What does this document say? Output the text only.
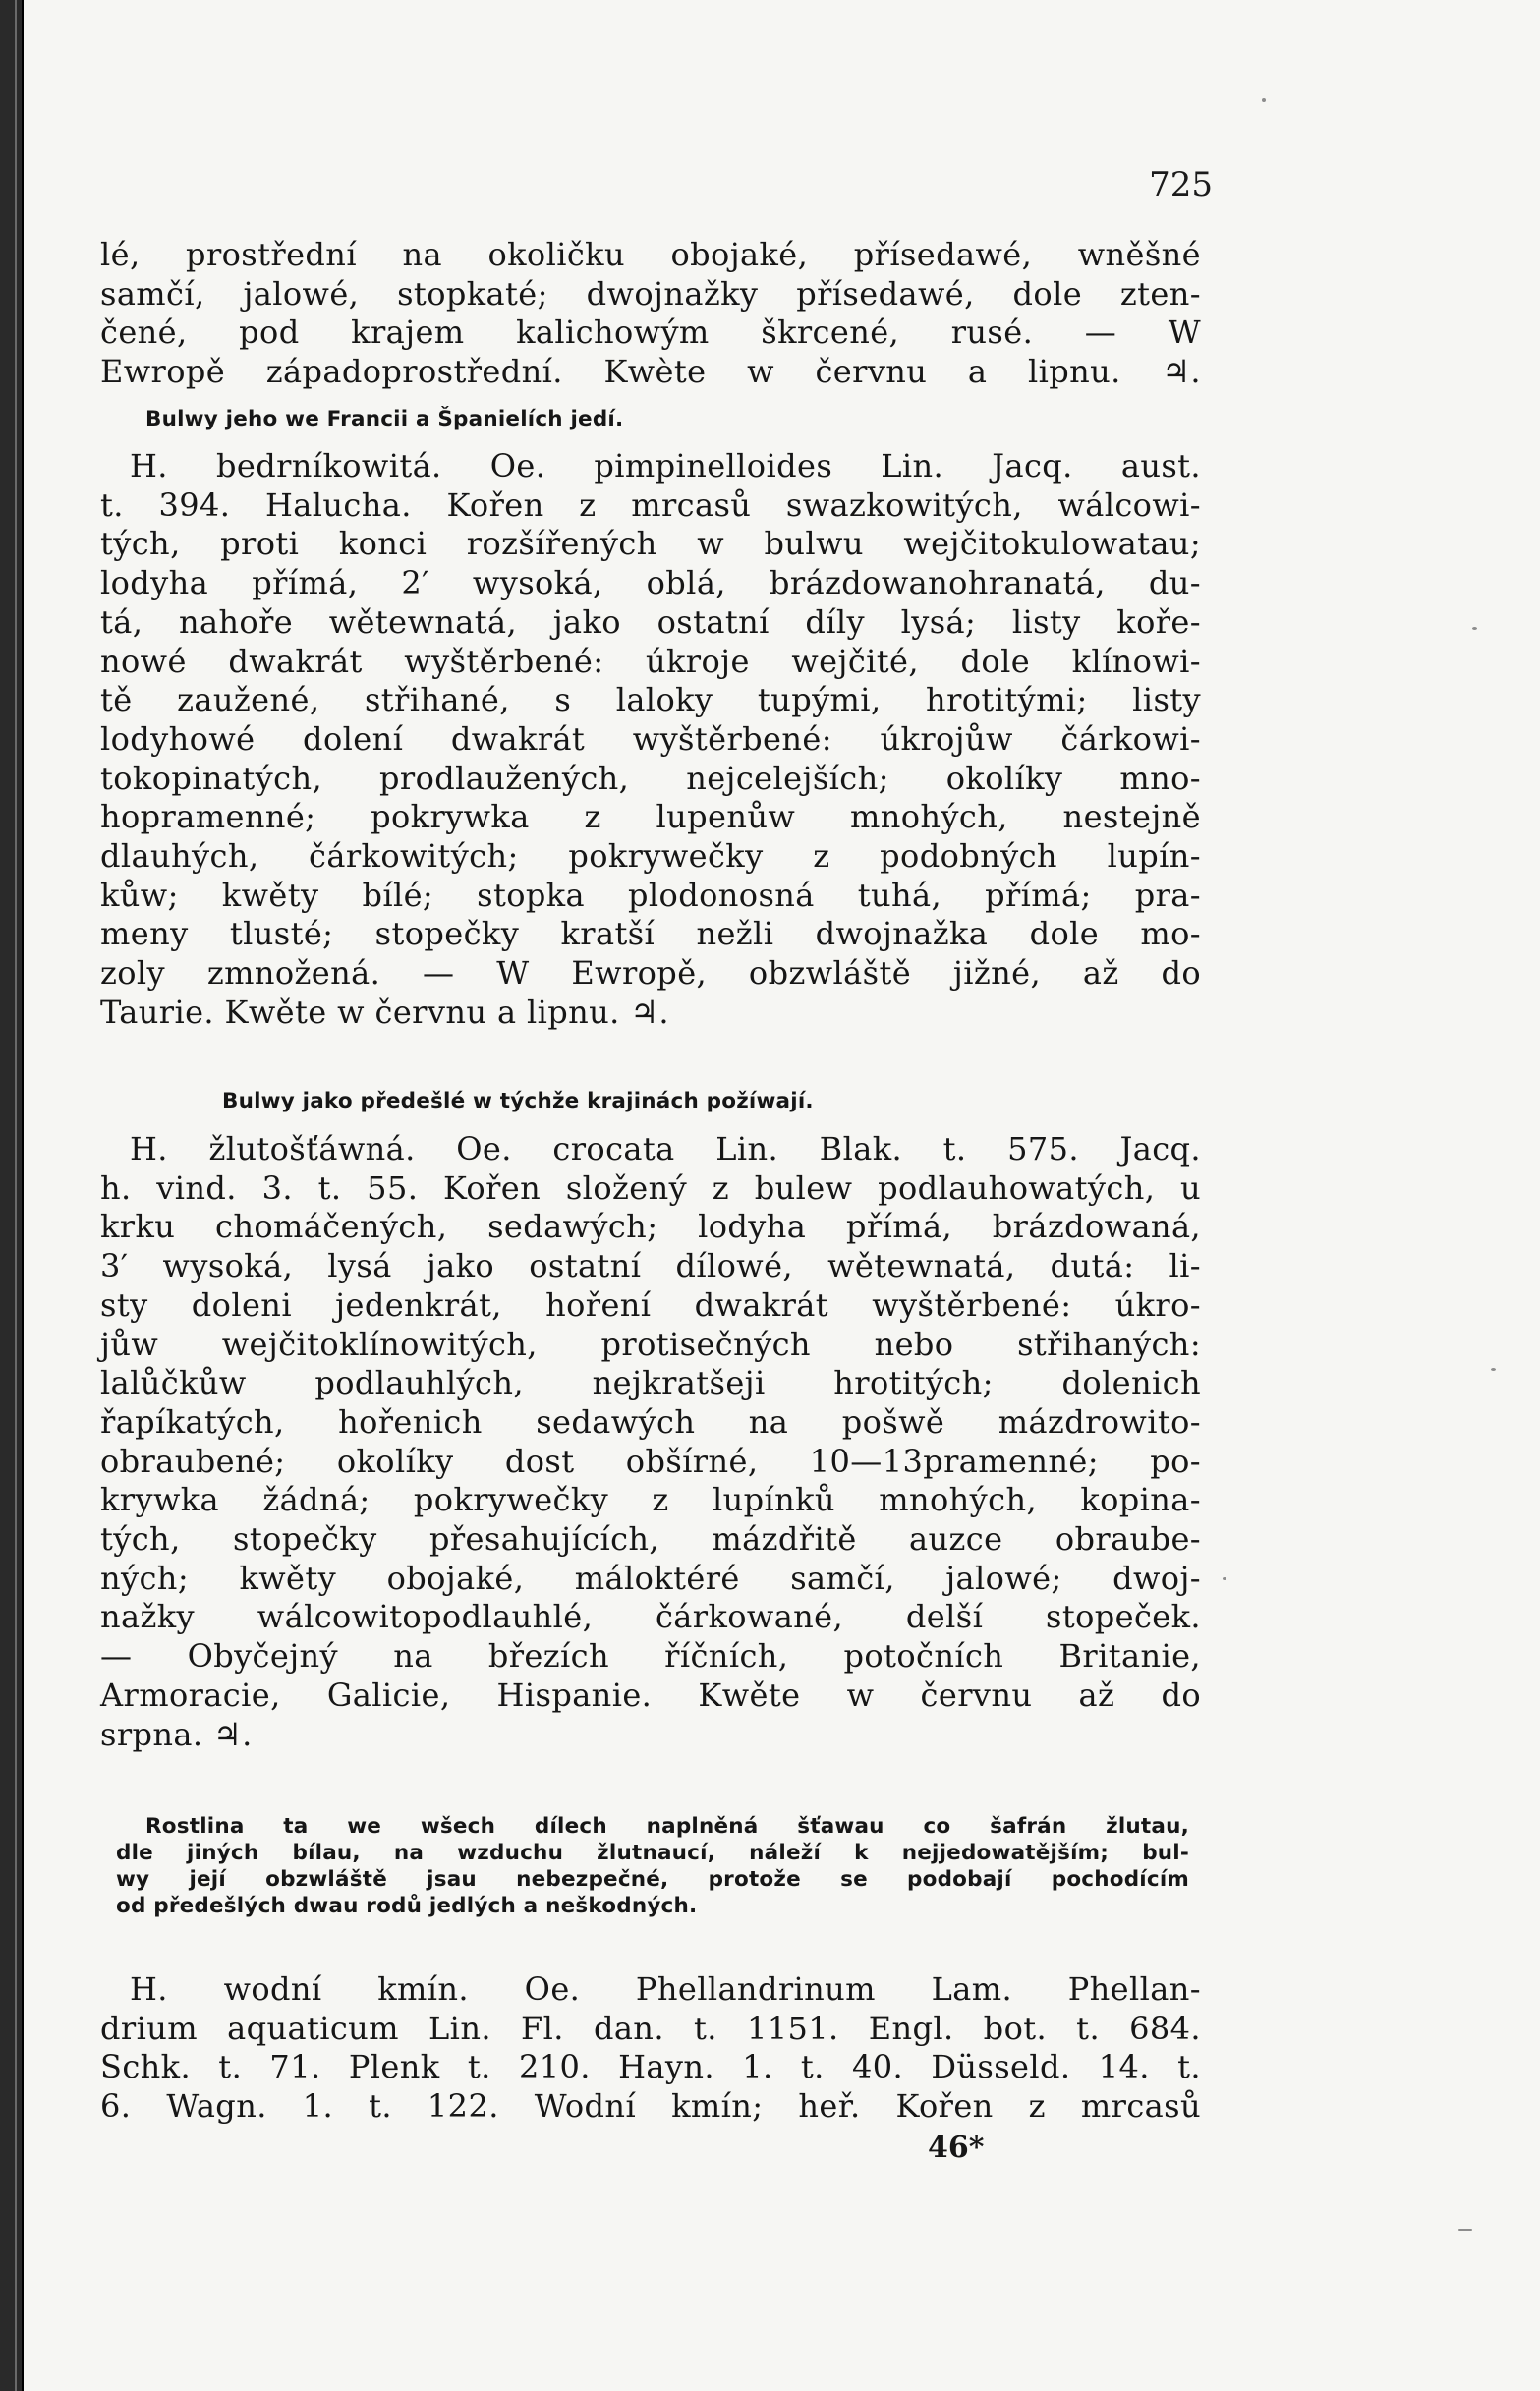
725

lé, prostřední na okoličku obojaké, přísedawé, wněšné
samčí, jalowé, stopkaté; dwojnažky přísedawé, dole zten-
čené, pod krajem kalichowým škrcené, rusé. — W
Ewropě západoprostřední. Kwète w červnu a lipnu. ♃.
Bulwy jeho we Francii a Španielích jedí.
H. bedrníkowitá. Oe. pimpinelloides Lin. Jacq. aust.
t. 394. Halucha. Kořen z mrcasů swazkowitých, wálcowi-
tých, proti konci rozšířených w bulwu wejčitokulowatau;
lodyha přímá, 2′ wysoká, oblá, brázdowanohranatá, du-
tá, nahoře wětewnatá, jako ostatní díly lysá; listy koře-
nowé dwakrát wyštěrbené: úkroje wejčité, dole klínowi-
tě zaužené, střihané, s laloky tupými, hrotitými; listy
lodyhowé dolení dwakrát wyštěrbené: úkrojůw čárkowi-
tokopinatých, prodlaužených, nejcelejších; okolíky mno-
hopramenné; pokrywka z lupenůw mnohých, nestejně
dlauhých, čárkowitých; pokrywečky z podobných lupín-
kůw; kwěty bílé; stopka plodonosná tuhá, přímá; pra-
meny tlusté; stopečky kratší nežli dwojnažka dole mo-
zoly zmnožená. — W Ewropě, obzwláště jižné, až do
Taurie. Kwěte w červnu a lipnu. ♃.
Bulwy jako předešlé w týchže krajinách požíwají.
H. žlutošťáwná. Oe. crocata Lin. Blak. t. 575. Jacq.
h. vind. 3. t. 55. Kořen složený z bulew podlauhowatých, u
krku chomáčených, sedawých; lodyha přímá, brázdowaná,
3′ wysoká, lysá jako ostatní dílowé, wětewnatá, dutá: li-
sty doleni jedenkrát, hoření dwakrát wyštěrbené: úkro-
jůw wejčitoklínowitých, protisečných nebo střihaných:
lalůčkůw podlauhlých, nejkratšeji hrotitých; dolenich
řapíkatých, hořenich sedawých na pošwě mázdrowito-
obraubené; okolíky dost obšírné, 10—13pramenné; po-
krywka žádná; pokrywečky z lupínků mnohých, kopina-
tých, stopečky přesahujících, mázdřitě auzce obraube-
ných; kwěty obojaké, máloktéré samčí, jalowé; dwoj-
nažky wálcowitopodlauhlé, čárkowané, delší stopeček.
— Obyčejný na březích říčních, potočních Britanie,
Armoracie, Galicie, Hispanie. Kwěte w červnu až do
srpna. ♃.
Rostlina ta we wšech dílech naplněná šťawau co šafrán žlutau,
dle jiných bílau, na wzduchu žlutnaucí, náleží k nejjedowatějším; bul-
wy její obzwláště jsau nebezpečné, protože se podobají pochodícím
od předešlých dwau rodů jedlých a neškodných.
H. wodní kmín. Oe. Phellandrinum Lam. Phellan-
drium aquaticum Lin. Fl. dan. t. 1151. Engl. bot. t. 684.
Schk. t. 71. Plenk t. 210. Hayn. 1. t. 40. Düsseld. 14. t.
6. Wagn. 1. t. 122. Wodní kmín; heř. Kořen z mrcasů

46*
